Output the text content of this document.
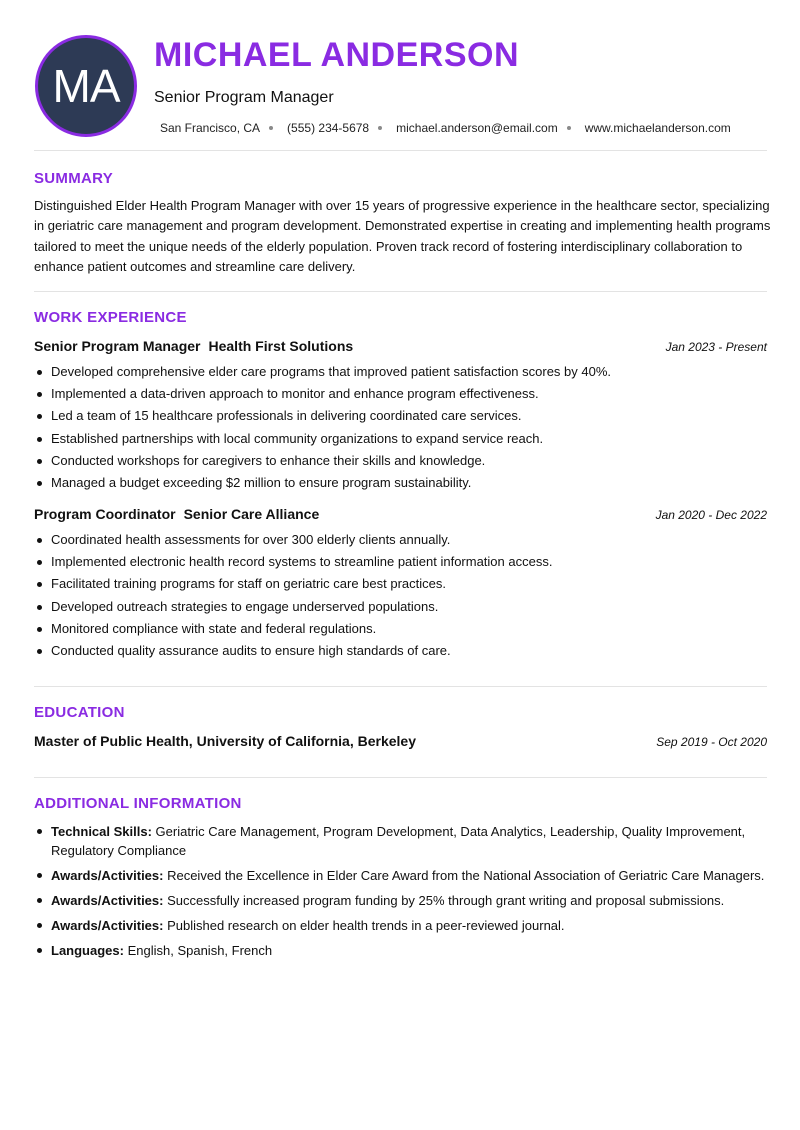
MA
MICHAEL ANDERSON
Senior Program Manager
San Francisco, CA (555) 234-5678 michael.anderson@email.com www.michaelanderson.com
SUMMARY

Distinguished Elder Health Program Manager with over 15 years of progressive experience in the healthcare sector, specializing in geriatric care management and program development. Demonstrated expertise in creating and implementing health programs tailored to meet the unique needs of the elderly population. Proven track record of fostering interdisciplinary collaboration to enhance patient outcomes and streamline care delivery.

WORK EXPERIENCE
Senior Program Manager Health First Solutions	Jan 2023 - Present
Developed comprehensive elder care programs that improved patient satisfaction scores by 40%.
Implemented a data-driven approach to monitor and enhance program effectiveness.
Led a team of 15 healthcare professionals in delivering coordinated care services.
Established partnerships with local community organizations to expand service reach.
Conducted workshops for caregivers to enhance their skills and knowledge.
Managed a budget exceeding $2 million to ensure program sustainability.
Program Coordinator Senior Care Alliance	Jan 2020 - Dec 2022
Coordinated health assessments for over 300 elderly clients annually.
Implemented electronic health record systems to streamline patient information access.
Facilitated training programs for staff on geriatric care best practices.
Developed outreach strategies to engage underserved populations.
Monitored compliance with state and federal regulations.
Conducted quality assurance audits to ensure high standards of care.
EDUCATION
Master of Public Health, University of California, Berkeley	Sep 2019 - Oct 2020
ADDITIONAL INFORMATION
Technical Skills: Geriatric Care Management, Program Development, Data Analytics, Leadership, Quality Improvement, Regulatory Compliance
Awards/Activities: Received the Excellence in Elder Care Award from the National Association of Geriatric Care Managers.
Awards/Activities: Successfully increased program funding by 25% through grant writing and proposal submissions.
Awards/Activities: Published research on elder health trends in a peer-reviewed journal.
Languages: English, Spanish, French
